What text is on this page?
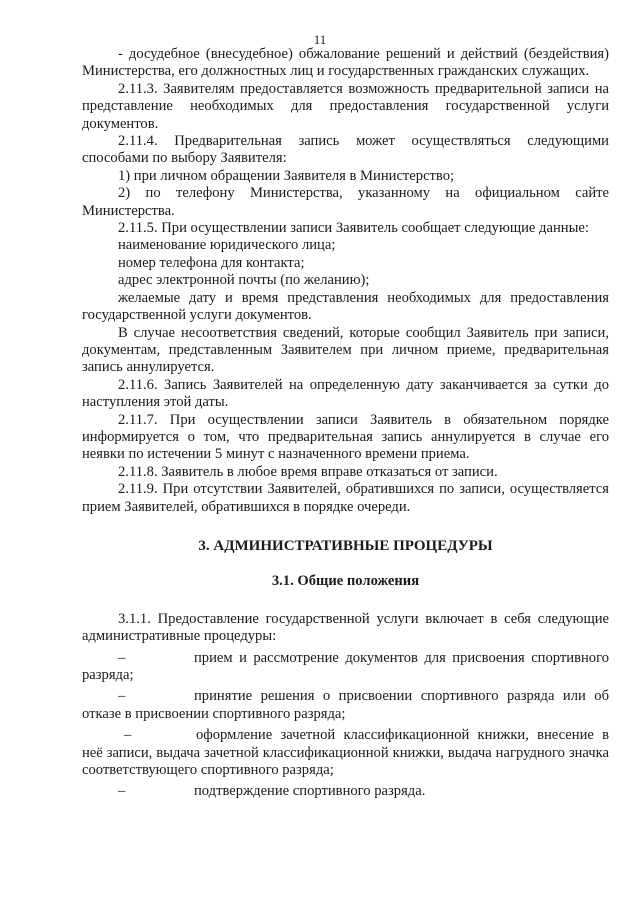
11

- досудебное (внесудебное) обжалование решений и действий (бездействия) Министерства, его должностных лиц и государственных гражданских служащих.

2.11.3. Заявителям предоставляется возможность предварительной записи на представление необходимых для предоставления государственной услуги документов.

2.11.4. Предварительная запись может осуществляться следующими способами по выбору Заявителя:

1) при личном обращении Заявителя в Министерство;

2) по телефону Министерства, указанному на официальном сайте Министерства.

2.11.5. При осуществлении записи Заявитель сообщает следующие данные:

наименование юридического лица;

номер телефона для контакта;

адрес электронной почты (по желанию);

желаемые дату и время представления необходимых для предоставления государственной услуги документов.

В случае несоответствия сведений, которые сообщил Заявитель при записи, документам, представленным Заявителем при личном приеме, предварительная запись аннулируется.

2.11.6. Запись Заявителей на определенную дату заканчивается за сутки до наступления этой даты.

2.11.7. При осуществлении записи Заявитель в обязательном порядке информируется о том, что предварительная запись аннулируется в случае его неявки по истечении 5 минут с назначенного времени приема.

2.11.8. Заявитель в любое время вправе отказаться от записи.

2.11.9. При отсутствии Заявителей, обратившихся по записи, осуществляется прием Заявителей, обратившихся в порядке очереди.

3. АДМИНИСТРАТИВНЫЕ ПРОЦЕДУРЫ
3.1. Общие положения

3.1.1. Предоставление государственной услуги включает в себя следующие административные процедуры:

–	прием и рассмотрение документов для присвоения спортивного разряда;

–	принятие решения о присвоении спортивного разряда или об отказе в присвоении спортивного разряда;

–	оформление зачетной классификационной книжки, внесение в неё записи, выдача зачетной классификационной книжки, выдача нагрудного значка соответствующего спортивного разряда;

–	подтверждение спортивного разряда.
